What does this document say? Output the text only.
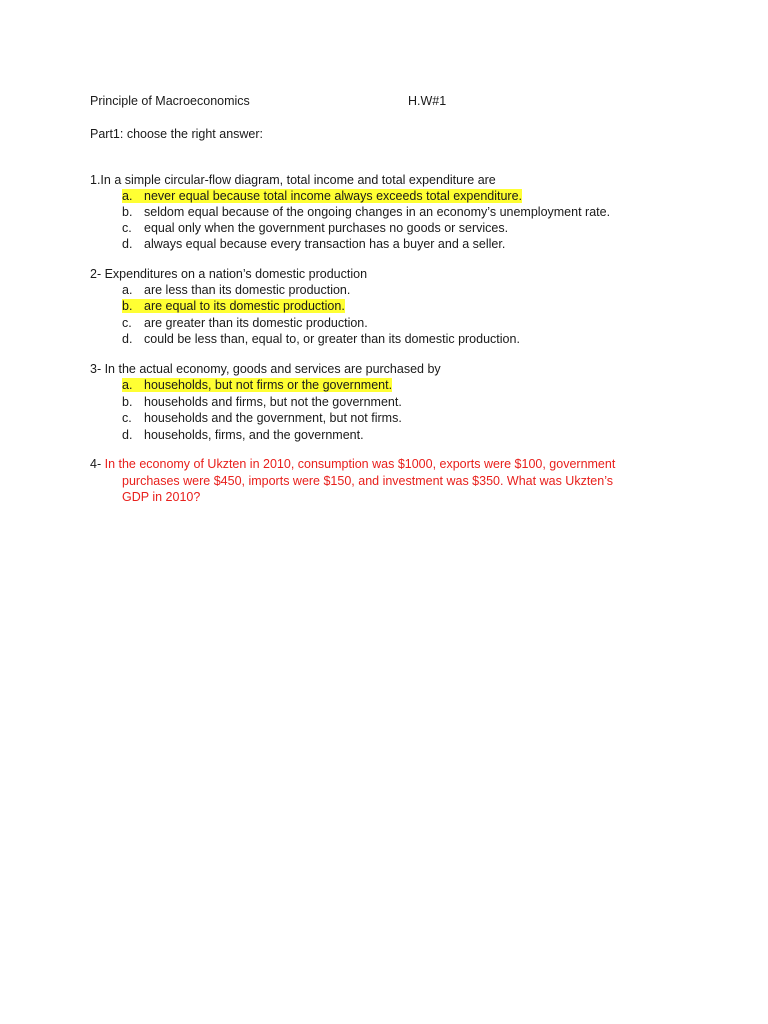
Principle of Macroeconomics	H.W#1
Part1: choose the right answer:
1.In a simple circular-flow diagram, total income and total expenditure are
a. never equal because total income always exceeds total expenditure.
b. seldom equal because of the ongoing changes in an economy’s unemployment rate.
c. equal only when the government purchases no goods or services.
d. always equal because every transaction has a buyer and a seller.
2- Expenditures on a nation’s domestic production
a. are less than its domestic production.
b. are equal to its domestic production.
c. are greater than its domestic production.
d. could be less than, equal to, or greater than its domestic production.
3- In the actual economy, goods and services are purchased by
a. households, but not firms or the government.
b. households and firms, but not the government.
c. households and the government, but not firms.
d. households, firms, and the government.
4- In the economy of Ukzten in 2010, consumption was $1000, exports were $100, government
purchases were $450, imports were $150, and investment was $350. What was Ukzten’s
GDP in 2010?
